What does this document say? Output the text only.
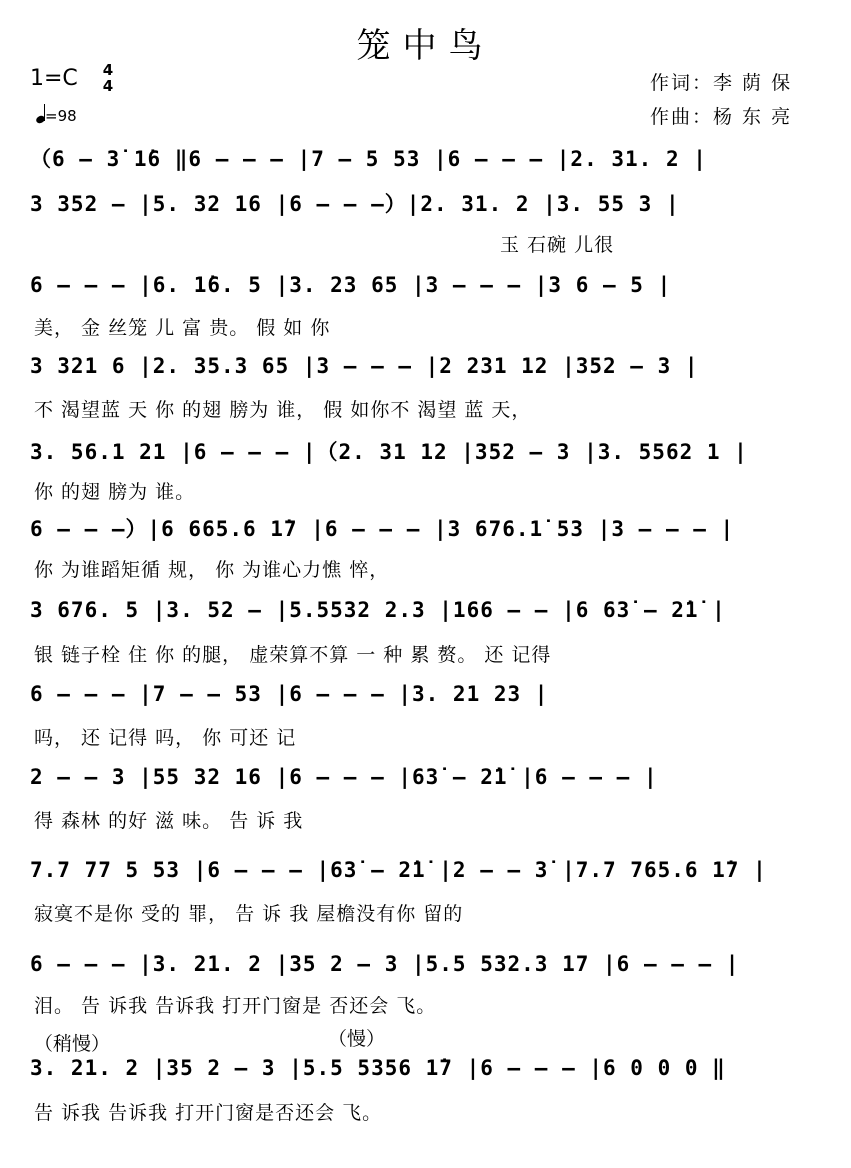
笼中鸟
1=C 4
4
=98
作词：李 荫 保
作曲：杨 东 亮
（6 – 3̇ 1̇6 ‖6 – – – |7 – 5 53 |6 – – – |2. 31. 2 |
3 352 – |5. 32 16 |6 – – –）|2. 31. 2 |3. 55 3 |
玉 石碗 儿很
6 – – – |6. 1̇6. 5 |3. 23 65 |3 – – – |3 6 – 5 |
美， 金 丝笼 儿 富 贵。 假 如 你
3 321 6 |2. 35.3 65 |3 – – – |2 231 12 |352 – 3 |
不 渴望蓝 天 你 的翅 膀为 谁， 假 如你不 渴望 蓝 天，
3. 56.1 21 |6 – – – |（2. 31 12 |352 – 3 |3. 5562 1 |
你 的翅 膀为 谁。
6 – – –）|6 665.6 1̇7 |6 – – – |3 676.1̇ 53 |3 – – – |
你 为谁蹈矩循 规， 你 为谁心力憔 悴，
3 676. 5 |3. 52 – |5.5532 2.3 |166 – – |6 63̇ – 2̇1̇ |
银 链子栓 住 你 的腿， 虚荣算不算 一 种 累 赘。 还 记得
6 – – – |7 – – 53 |6 – – – |3. 21 23 |
吗， 还 记得 吗， 你 可还 记
2 – – 3 |55 32 16 |6 – – – |63̇ – 2̇1̇ |6 – – – |
得 森林 的好 滋 味。 告 诉 我
7.7 77 5 53 |6 – – – |63̇ – 2̇1̇ |2 – – 3̇ |7.7 765.6 1̇7 |
寂寞不是你 受的 罪， 告 诉 我 屋檐没有你 留的
6 – – – |3. 21. 2 |35 2 – 3 |5.5 532.3 17 |6 – – – |
泪。 告 诉我 告诉我 打开门窗是 否还会 飞。
（稍慢）	（慢）
3. 21. 2 |35 2 – 3 |5.5 5356 1̇7 |6 – – – |6 0 0 0 ‖
告 诉我 告诉我 打开门窗是否还会 飞。
